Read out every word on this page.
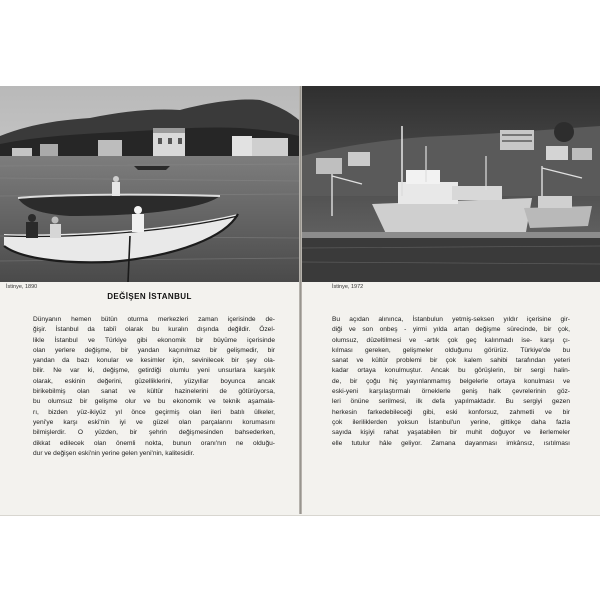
İstinye, 1890	İstinye, 1972
DEĞİŞEN İSTANBUL
Dünyanın hemen bütün oturma merkezleri zaman içerisinde de-
ğişir. İstanbul da tabiî olarak bu kuralın dışında değildir. Özel-
likle İstanbul ve Türkiye gibi ekonomik bir büyüme içerisinde
olan yerlere değişme, bir yandan kaçınılmaz bir gelişmedir, bir
yandan da bazı konular ve kesimler için, sevinilecek bir şey ola-
bilir. Ne var ki, değişme, getirdiği olumlu yeni unsurlara karşılık
olarak, eskinin değerini, güzelliklerini, yüzyıllar boyunca ancak
birikebilmiş olan sanat ve kültür hazinelerini de götürüyorsa,
bu olumsuz bir gelişme olur ve bu ekonomik ve teknik aşamala-
rı, bizden yüz-ikiyüz yıl önce geçirmiş olan ileri batılı ülkeler,
yeni'ye karşı eski'nin iyi ve güzel olan parçalarını korumasını
bilmişlerdir. O yüzden, bir şehrin değişmesinden bahsederken,
dikkat edilecek olan önemli nokta, bunun oranı'nın ne olduğu-
dur ve değişen eski'nin yerine gelen yeni'nin, kalitesidir.
Bu açıdan alınınca, İstanbulun yetmiş-seksen yıldır içerisine gir-
diği ve son onbeş - yirmi yılda artan değişme sürecinde, bir çok,
olumsuz, düzeltilmesi ve -artık çok geç kalınmadı ise- karşı çı-
kılması gereken, gelişmeler olduğunu görürüz. Türkiye'de bu
sanat ve kültür problemi bir çok kalem sahibi tarafından yeteri
kadar ortaya konulmuştur. Ancak bu görüşlerin, bir sergi halin-
de, bir çoğu hiç yayınlanmamış belgelerle ortaya konulması ve
eski-yeni karşılaştırmalı örneklerle geniş halk çevrelerinin göz-
leri önüne serilmesi, ilk defa yapılmaktadır. Bu sergiyi gezen
herkesin farkedebileceği gibi, eski konforsuz, zahmetli ve bir
çok ileriliklerden yoksun İstanbul'un yerine, gittikçe daha fazla
sayıda kişiyi rahat yaşatabilen bir muhit doğuyor ve ilerlemeler
elle tutulur hâle geliyor. Zamana dayanması imkânsız, ısıtılması
